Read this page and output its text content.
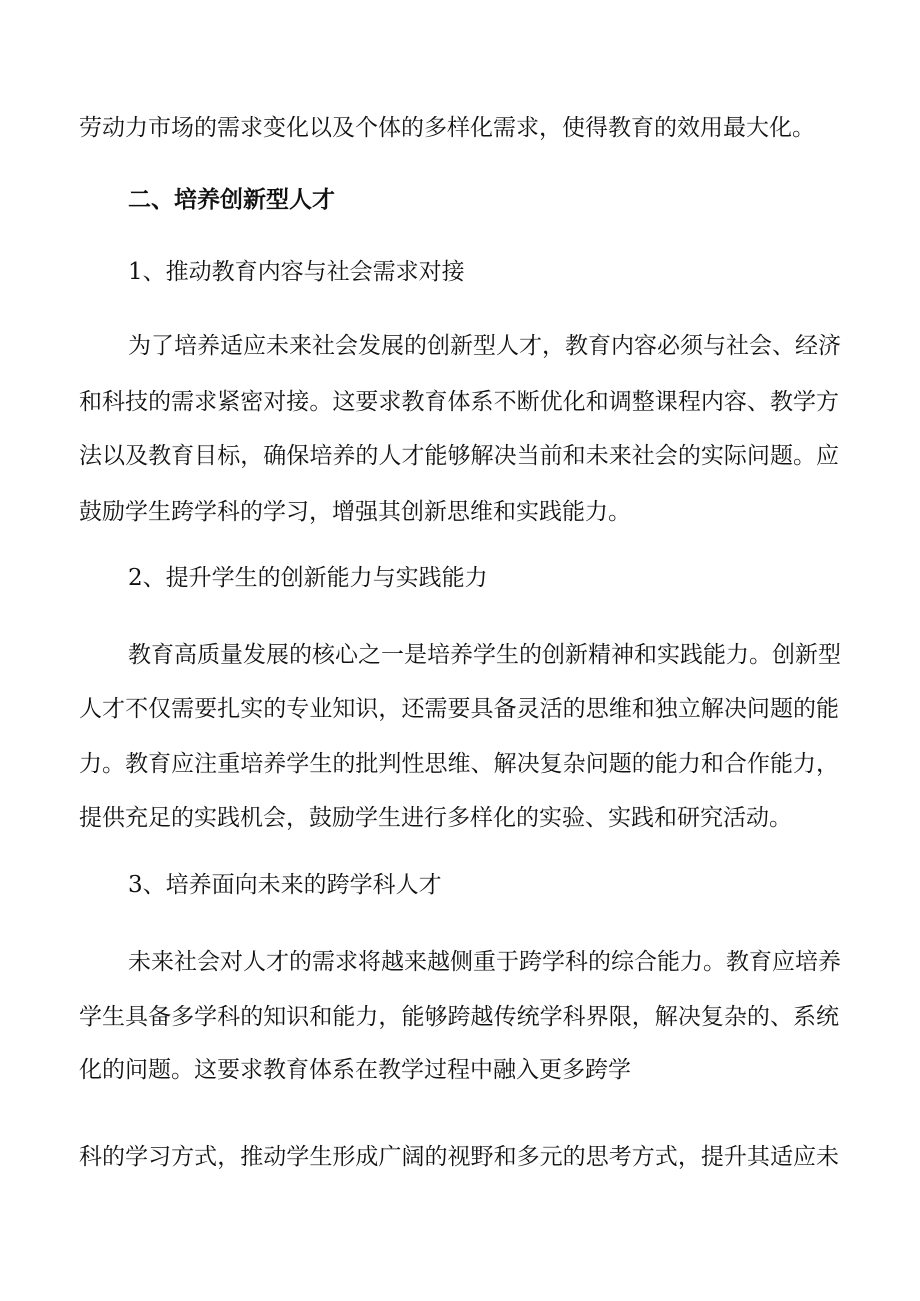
劳动力市场的需求变化以及个体的多样化需求，使得教育的效用最大化。
二、培养创新型人才
1、推动教育内容与社会需求对接
为了培养适应未来社会发展的创新型人才，教育内容必须与社会、经济
和科技的需求紧密对接。这要求教育体系不断优化和调整课程内容、教学方
法以及教育目标，确保培养的人才能够解决当前和未来社会的实际问题。应
鼓励学生跨学科的学习，增强其创新思维和实践能力。
2、提升学生的创新能力与实践能力
教育高质量发展的核心之一是培养学生的创新精神和实践能力。创新型
人才不仅需要扎实的专业知识，还需要具备灵活的思维和独立解决问题的能
力。教育应注重培养学生的批判性思维、解决复杂问题的能力和合作能力，
提供充足的实践机会，鼓励学生进行多样化的实验、实践和研究活动。
3、培养面向未来的跨学科人才
未来社会对人才的需求将越来越侧重于跨学科的综合能力。教育应培养
学生具备多学科的知识和能力，能够跨越传统学科界限，解决复杂的、系统
化的问题。这要求教育体系在教学过程中融入更多跨学
科的学习方式，推动学生形成广阔的视野和多元的思考方式，提升其适应未
